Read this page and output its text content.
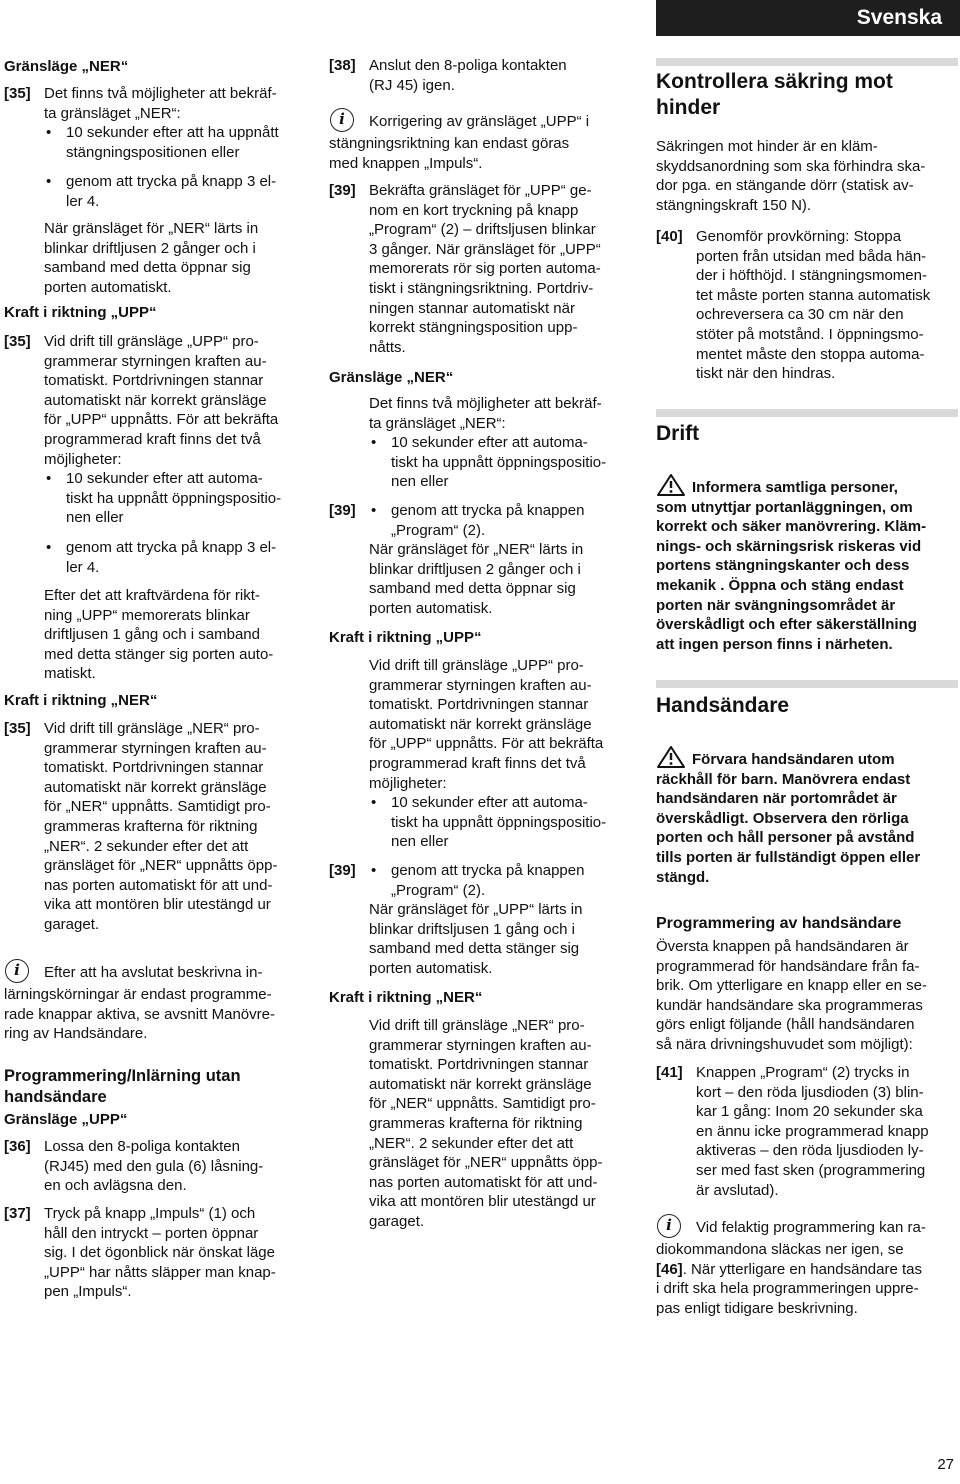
Svenska
Gränsläge „NER“
[35] Det finns två möjligheter att bekräf-
ta gränsläget „NER“:
• 10 sekunder efter att ha uppnått
stängningspositionen eller
• genom att trycka på knapp 3 el-
ler 4.
När gränsläget för „NER“ lärts in
blinkar driftljusen 2 gånger och i
samband med detta öppnar sig
porten automatiskt.
Kraft i riktning „UPP“
[35] Vid drift till gränsläge „UPP“ pro-
grammerar styrningen kraften au-
tomatiskt. Portdrivningen stannar
automatiskt när korrekt gränsläge
för „UPP“ uppnåtts. För att bekräfta
programmerad kraft finns det två
möjligheter:
• 10 sekunder efter att automa-
tiskt ha uppnått öppningspositio-
nen eller
• genom att trycka på knapp 3 el-
ler 4.
Efter det att kraftvärdena för rikt-
ning „UPP“ memorerats blinkar
driftljusen 1 gång och i samband
med detta stänger sig porten auto-
matiskt.
Kraft i riktning „NER“
[35] Vid drift till gränsläge „NER“ pro-
grammerar styrningen kraften au-
tomatiskt. Portdrivningen stannar
automatiskt när korrekt gränsläge
för „NER“ uppnåtts. Samtidigt pro-
grammeras krafterna för riktning
„NER“. 2 sekunder efter det att
gränsläget för „NER“ uppnåtts öpp-
nas porten automatiskt för att und-
vika att montören blir utestängd ur
garaget.
i	Efter att ha avslutat beskrivna in-
lärningskörningar är endast programme-
rade knappar aktiva, se avsnitt Manövre-
ring av Handsändare.
Programmering/Inlärning utan
handsändare
Gränsläge „UPP“
[36] Lossa den 8-poliga kontakten
(RJ45) med den gula (6) låsning-
en och avlägsna den.
[37] Tryck på knapp „Impuls“ (1) och
håll den intryckt – porten öppnar
sig. I det ögonblick när önskat läge
„UPP“ har nåtts släpper man knap-
pen „Impuls“.
[38] Anslut den 8-poliga kontakten
(RJ 45) igen.
i	Korrigering av gränsläget „UPP“ i
stängningsriktning kan endast göras
med knappen „Impuls“.
[39] Bekräfta gränsläget för „UPP“ ge-
nom en kort tryckning på knapp
„Program“ (2) – driftsljusen blinkar
3 gånger. När gränsläget för „UPP“
memorerats rör sig porten automa-
tiskt i stängningsriktning. Portdriv-
ningen stannar automatiskt när
korrekt stängningsposition upp-
nåtts.
Gränsläge „NER“
Det finns två möjligheter att bekräf-
ta gränsläget „NER“:
• 10 sekunder efter att automa-
tiskt ha uppnått öppningspositio-
nen eller
[39] • genom att trycka på knappen
„Program“ (2).
När gränsläget för „NER“ lärts in
blinkar driftljusen 2 gånger och i
samband med detta öppnar sig
porten automatisk.
Kraft i riktning „UPP“
Vid drift till gränsläge „UPP“ pro-
grammerar styrningen kraften au-
tomatiskt. Portdrivningen stannar
automatiskt när korrekt gränsläge
för „UPP“ uppnåtts. För att bekräfta
programmerad kraft finns det två
möjligheter:
• 10 sekunder efter att automa-
tiskt ha uppnått öppningspositio-
nen eller
[39] • genom att trycka på knappen
„Program“ (2).
När gränsläget för „UPP“ lärts in
blinkar driftsljusen 1 gång och i
samband med detta stänger sig
porten automatisk.
Kraft i riktning „NER“
Vid drift till gränsläge „NER“ pro-
grammerar styrningen kraften au-
tomatiskt. Portdrivningen stannar
automatiskt när korrekt gränsläge
för „NER“ uppnåtts. Samtidigt pro-
grammeras krafterna för riktning
„NER“. 2 sekunder efter det att
gränsläget för „NER“ uppnåtts öpp-
nas porten automatiskt för att und-
vika att montören blir utestängd ur
garaget.
Kontrollera säkring mot
hinder
Säkringen mot hinder är en kläm-
skyddsanordning som ska förhindra ska-
dor pga. en stängande dörr (statisk av-
stängningskraft 150 N).
[40] Genomför provkörning: Stoppa
porten från utsidan med båda hän-
der i höfthöjd. I stängningsmomen-
tet måste porten stanna automatisk
ochreversera ca 30 cm när den
stöter på motstånd. I öppningsmo-
mentet måste den stoppa automa-
tiskt när den hindras.
Drift
Informera samtliga personer,
som utnyttjar portanläggningen, om
korrekt och säker manövrering. Kläm-
nings- och skärningsrisk riskeras vid
portens stängningskanter och dess
mekanik . Öppna och stäng endast
porten när svängningsområdet är
överskådligt och efter säkerställning
att ingen person finns i närheten.
Handsändare
Förvara handsändaren utom
räckhåll för barn. Manövrera endast
handsändaren när portområdet är
överskådligt. Observera den rörliga
porten och håll personer på avstånd
tills porten är fullständigt öppen eller
stängd.
Programmering av handsändare
Översta knappen på handsändaren är
programmerad för handsändare från fa-
brik. Om ytterligare en knapp eller en se-
kundär handsändare ska programmeras
görs enligt följande (håll handsändaren
så nära drivningshuvudet som möjligt):
[41] Knappen „Program“ (2) trycks in
kort – den röda ljusdioden (3) blin-
kar 1 gång: Inom 20 sekunder ska
en ännu icke programmerad knapp
aktiveras – den röda ljusdioden ly-
ser med fast sken (programmering
är avslutad).
i	Vid felaktig programmering kan ra-
diokommandona släckas ner igen, se
[46]. När ytterligare en handsändare tas
i drift ska hela programmeringen uppre-
pas enligt tidigare beskrivning.
27
